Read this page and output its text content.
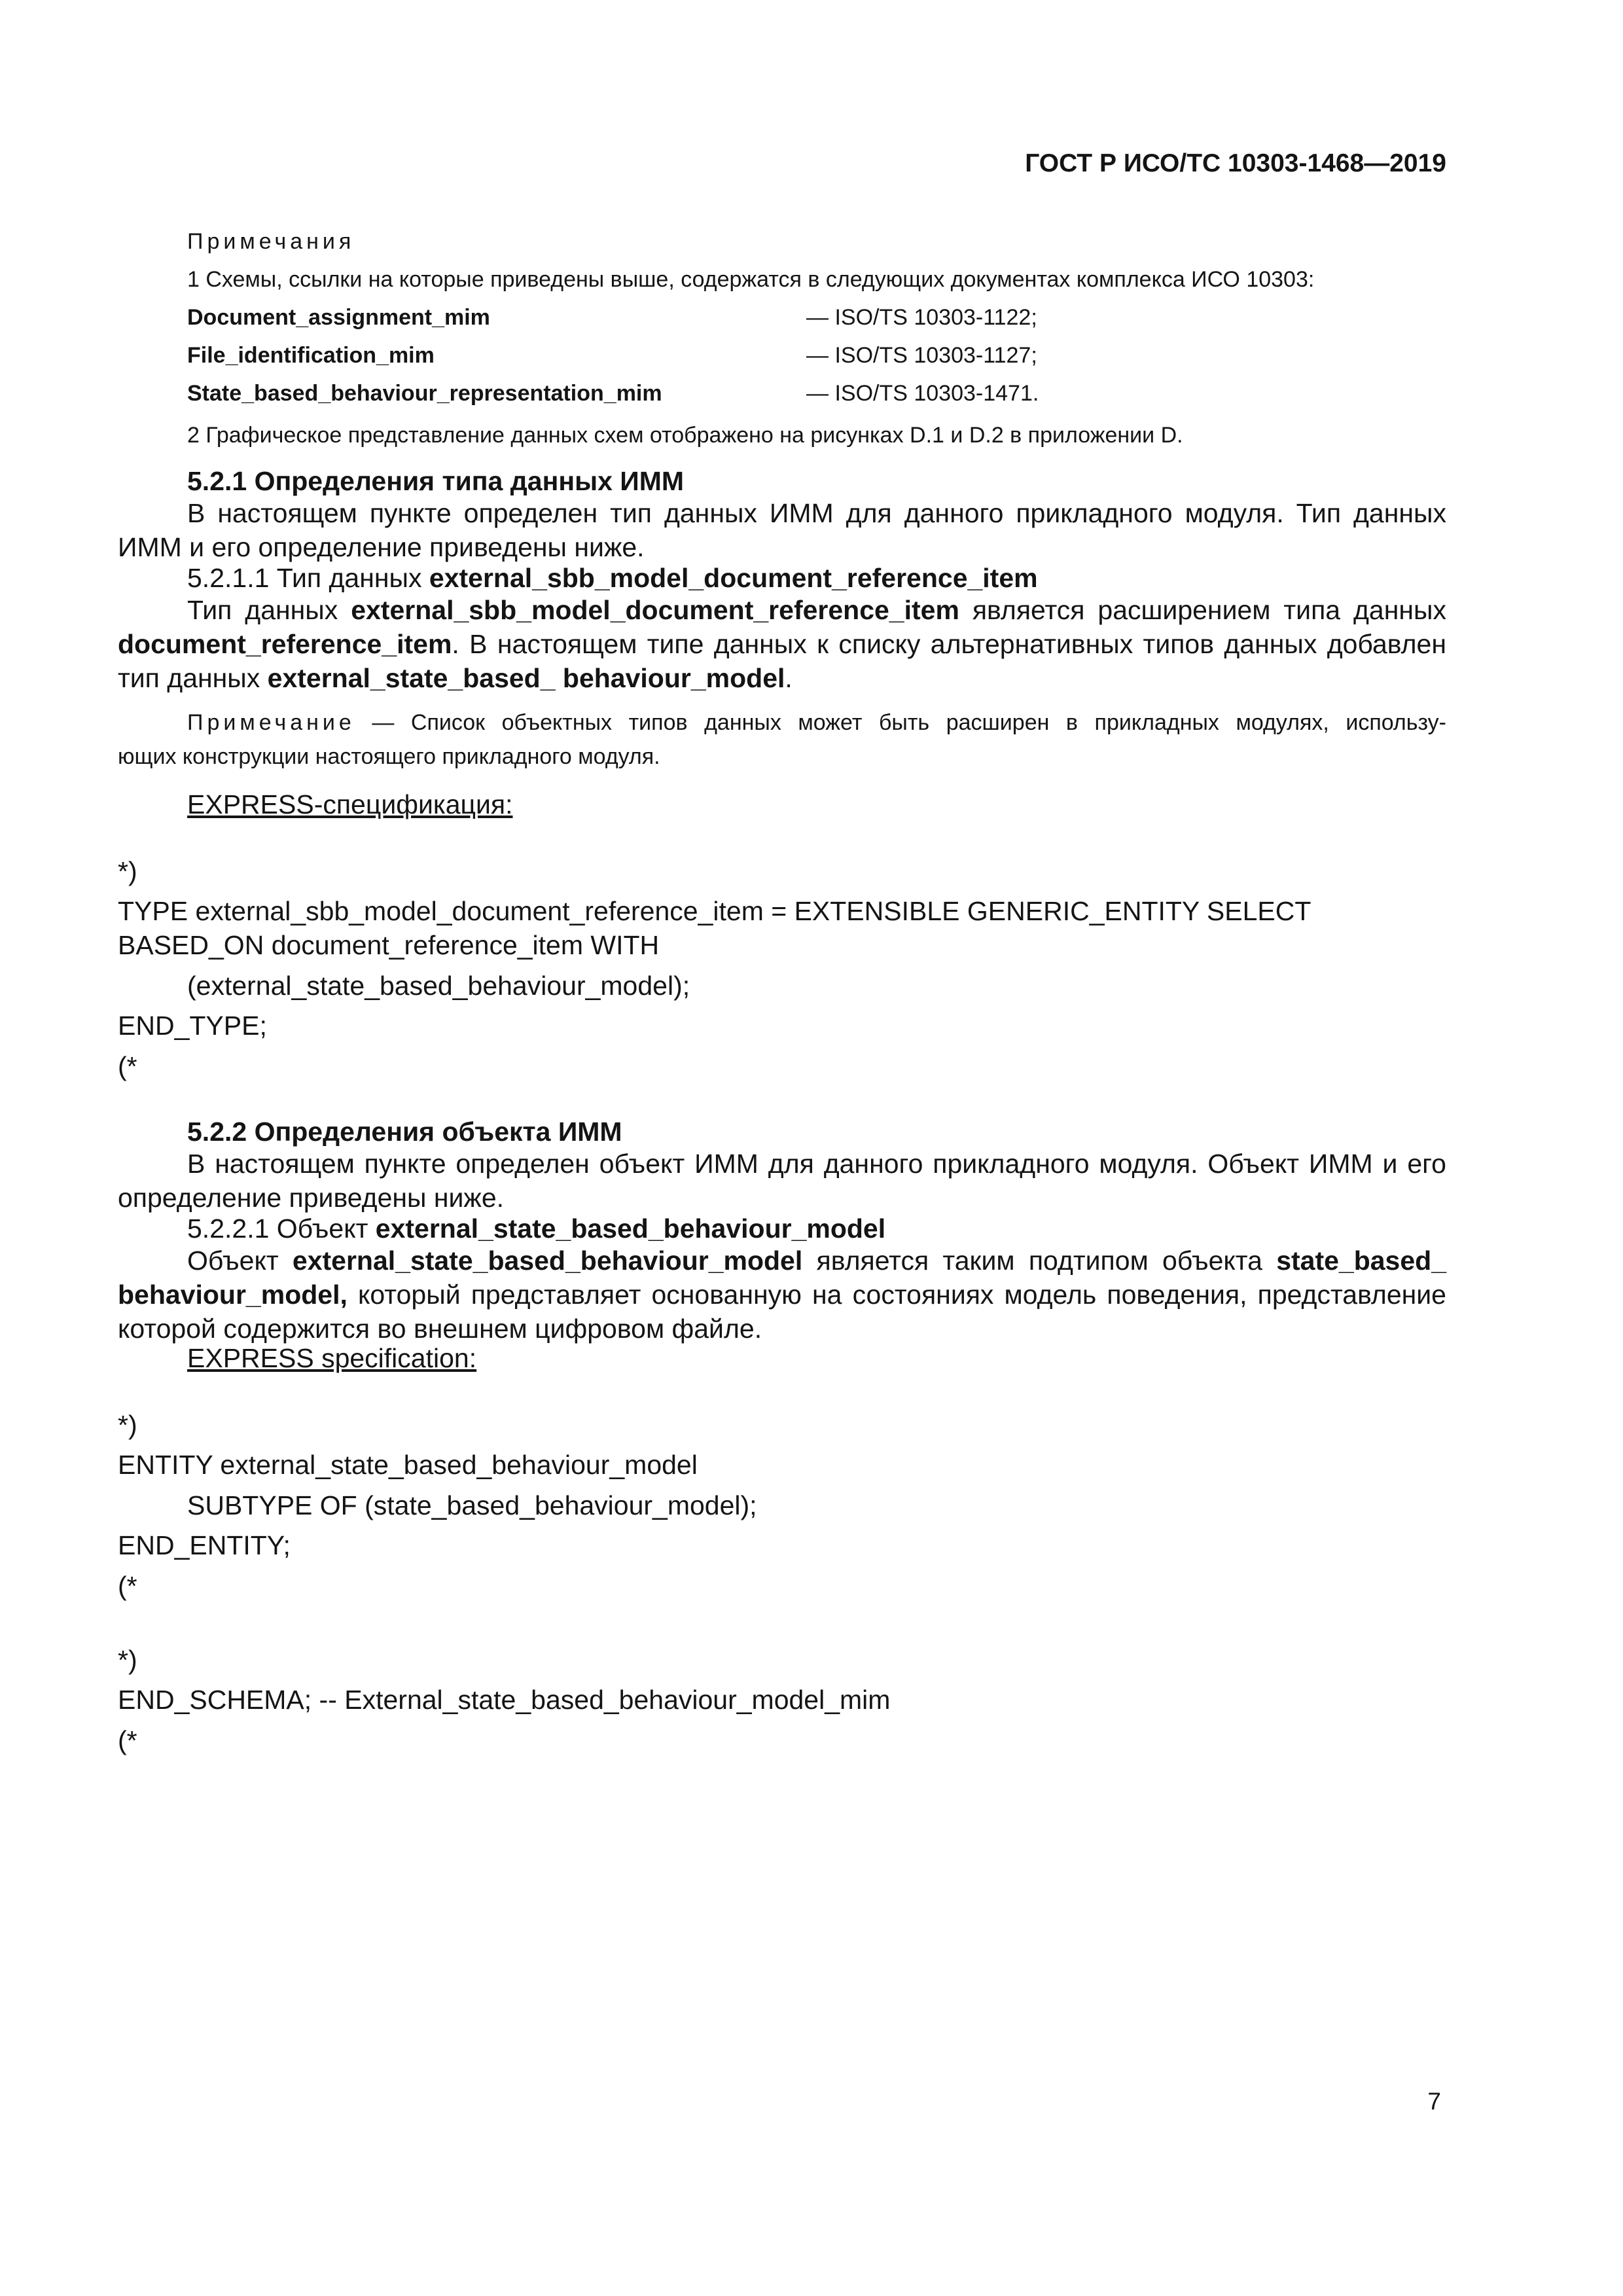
ГОСТ Р ИСО/ТС 10303-1468—2019
Примечания
1 Схемы, ссылки на которые приведены выше, содержатся в следующих документах комплекса ИСО 10303:
Document_assignment_mim	— ISO/TS 10303-1122;
File_identification_mim	— ISO/TS 10303-1127;
State_based_behaviour_representation_mim	— ISO/TS 10303-1471.
2 Графическое представление данных схем отображено на рисунках D.1 и D.2 в приложении D.
5.2.1 Определения типа данных ИММ
В настоящем пункте определен тип данных ИММ для данного прикладного модуля. Тип данных
ИММ и его определение приведены ниже.
5.2.1.1 Тип данных external_sbb_model_document_reference_item
Тип данных external_sbb_model_document_reference_item является расширением типа данных
document_reference_item. В настоящем типе данных к списку альтернативных типов данных добавлен
тип данных external_state_based_ behaviour_model.
Примечание — Список объектных типов данных может быть расширен в прикладных модулях, использу-
ющих конструкции настоящего прикладного модуля.
EXPRESS-спецификация:
*)
TYPE external_sbb_model_document_reference_item = EXTENSIBLE GENERIC_ENTITY SELECT
BASED_ON document_reference_item WITH
(external_state_based_behaviour_model);
END_TYPE;
(*
5.2.2 Определения объекта ИММ
В настоящем пункте определен объект ИММ для данного прикладного модуля. Объект ИММ и его
определение приведены ниже.
5.2.2.1 Объект external_state_based_behaviour_model
Объект external_state_based_behaviour_model является таким подтипом объекта state_based_
behaviour_model, который представляет основанную на состояниях модель поведения, представление
которой содержится во внешнем цифровом файле.
EXPRESS specification:
*)
ENTITY external_state_based_behaviour_model
SUBTYPE OF (state_based_behaviour_model);
END_ENTITY;
(*
*)
END_SCHEMA; -- External_state_based_behaviour_model_mim
(*
7
